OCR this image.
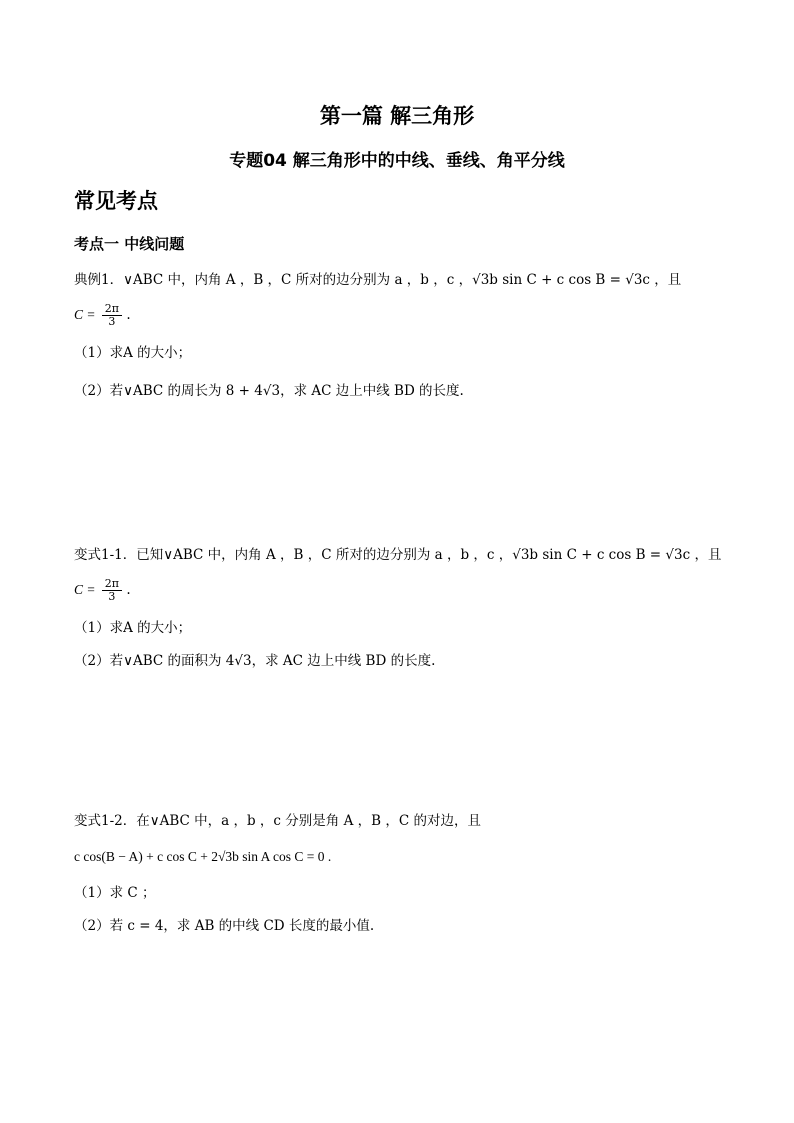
第一篇 解三角形
专题04 解三角形中的中线、垂线、角平分线
常见考点
考点一 中线问题
典例1．∨ABC 中，内角 A ，B ，C 所对的边分别为 a ，b ，c ，√3b sin C + c cos B = √3c ，且
$C = \frac{2\pi}{3}$ .
（1）求A 的大小；
（2）若∨ABC 的周长为 8 + 4√3，求 AC 边上中线 BD 的长度.
变式1-1．已知∨ABC 中，内角 A ，B ，C 所对的边分别为 a ，b ，c ，√3b sin C + c cos B = √3c ，且
$C = \frac{2\pi}{3}$ .
（1）求A 的大小；
（2）若∨ABC 的面积为 4√3，求 AC 边上中线 BD 的长度.
变式1-2．在∨ABC 中，a ，b ，c 分别是角 A ，B ，C 的对边，且
c cos(B − A) + c cos C + 2√3b sin A cos C = 0 .
（1）求 C ；
（2）若 c = 4，求 AB 的中线 CD 长度的最小值.
